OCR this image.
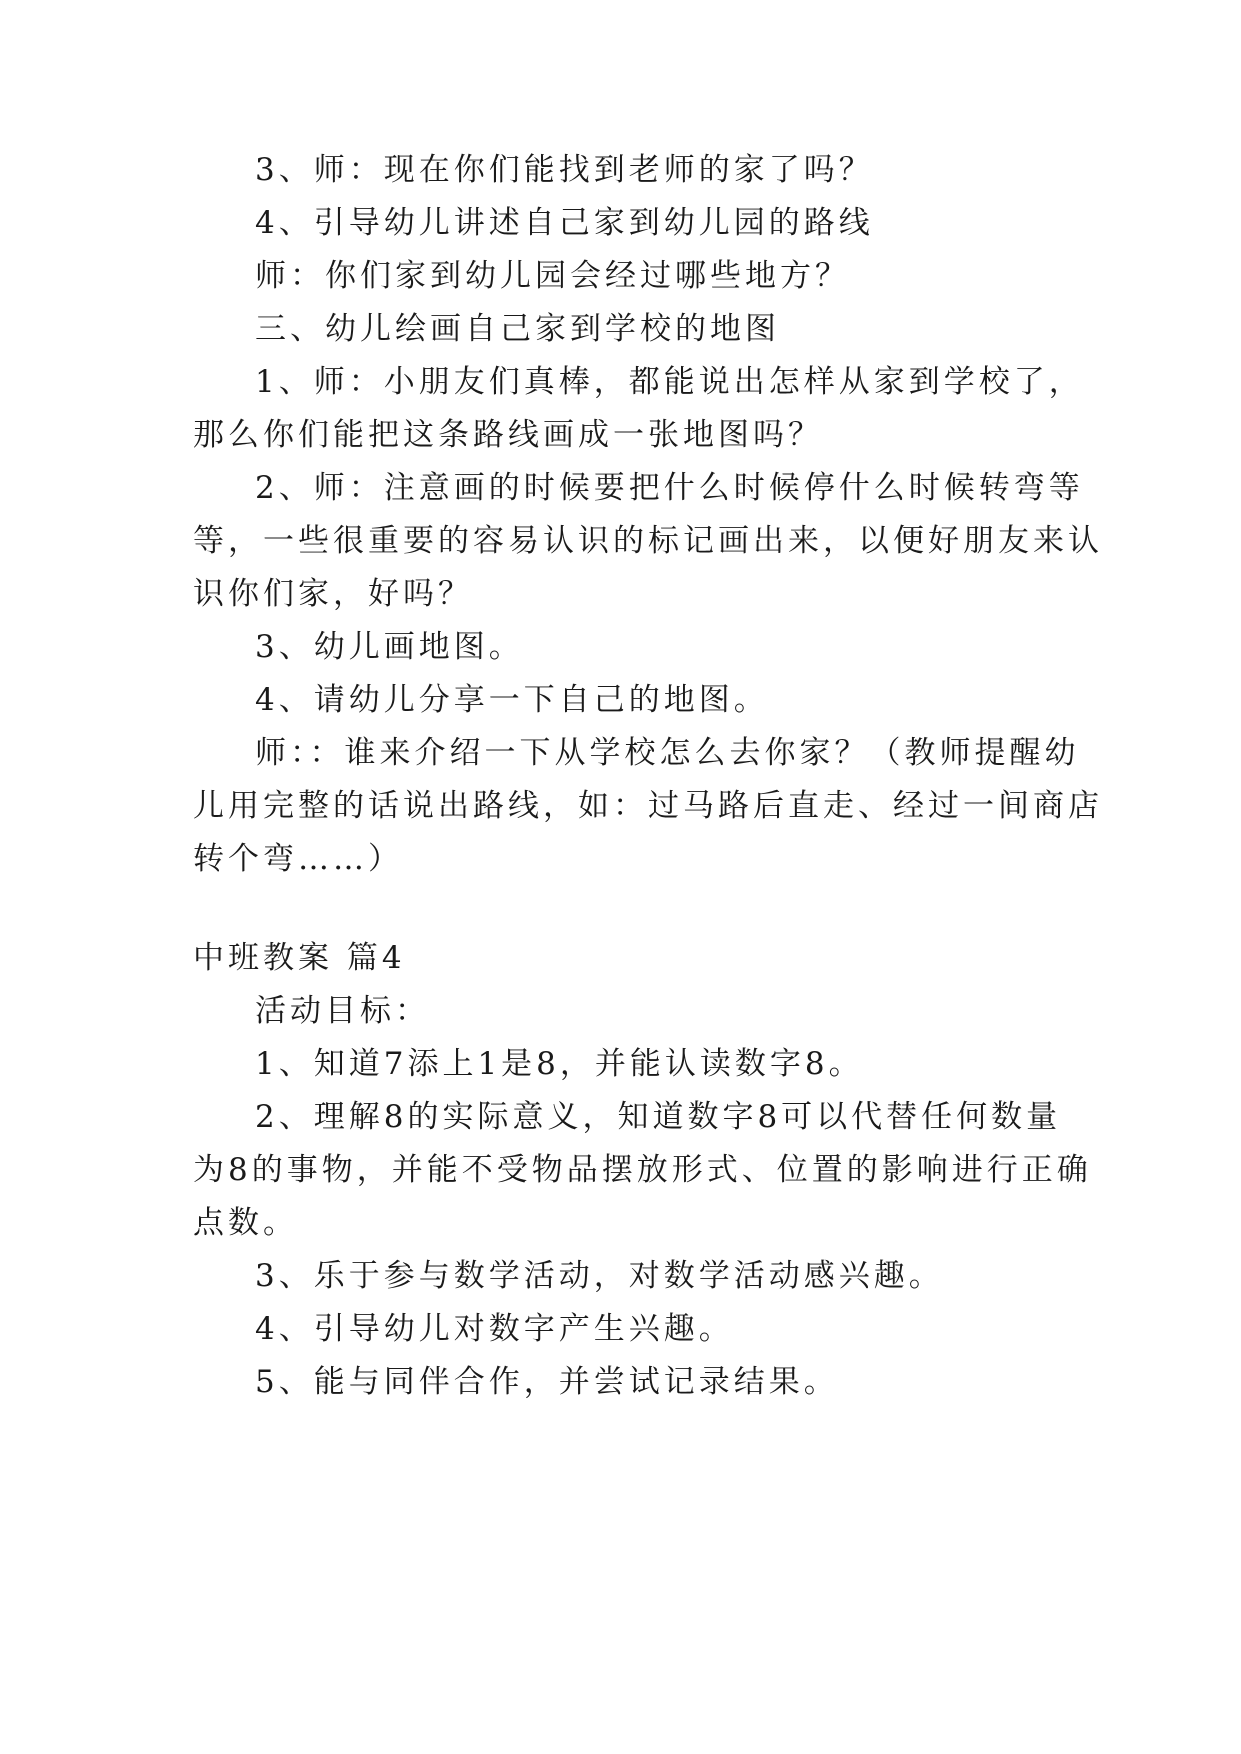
3、师：现在你们能找到老师的家了吗？
4、引导幼儿讲述自己家到幼儿园的路线
师：你们家到幼儿园会经过哪些地方？
三、幼儿绘画自己家到学校的地图
1、师：小朋友们真棒，都能说出怎样从家到学校了，
那么你们能把这条路线画成一张地图吗？
2、师：注意画的时候要把什么时候停什么时候转弯等
等，一些很重要的容易认识的标记画出来，以便好朋友来认
识你们家，好吗？
3、幼儿画地图。
4、请幼儿分享一下自己的地图。
师：：谁来介绍一下从学校怎么去你家？（教师提醒幼
儿用完整的话说出路线，如：过马路后直走、经过一间商店
转个弯……）
中班教案 篇4
活动目标：
1、知道7添上1是8，并能认读数字8。
2、理解8的实际意义，知道数字8可以代替任何数量
为8的事物，并能不受物品摆放形式、位置的影响进行正确
点数。
3、乐于参与数学活动，对数学活动感兴趣。
4、引导幼儿对数字产生兴趣。
5、能与同伴合作，并尝试记录结果。
